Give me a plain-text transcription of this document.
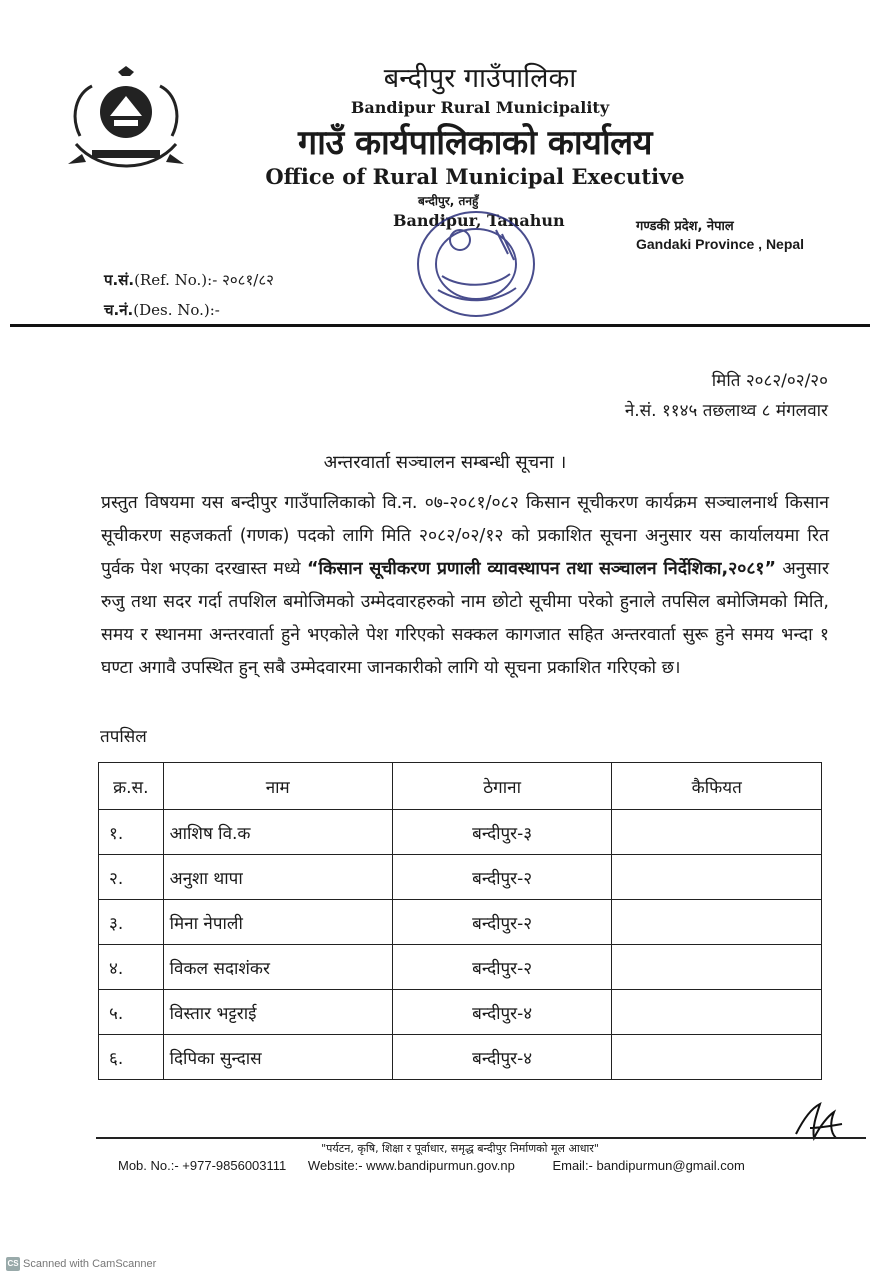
बन्दीपुर गाउँपालिका
Bandipur Rural Municipality
गाउँ कार्यपालिकाको कार्यालय
Office of Rural Municipal Executive
बन्दीपुर, तनहुँ
Bandipur, Tanahun	गण्डकी प्रदेश, नेपाल
Gandaki Province , Nepal
प.सं.(Ref. No.):- २०८१/८२
च.नं.(Des. No.):-
मिति २०८२/०२/२०
ने.सं. ११४५ तछलाथ्व ८ मंगलवार
अन्तरवार्ता सञ्चालन सम्बन्धी सूचना ।
प्रस्तुत विषयमा यस बन्दीपुर गाउँपालिकाको वि.न. ०७-२०८१/०८२ किसान सूचीकरण कार्यक्रम सञ्चालनार्थ किसान सूचीकरण सहजकर्ता (गणक) पदको लागि मिति २०८२/०२/१२ को प्रकाशित सूचना अनुसार यस कार्यालयमा रित पुर्वक पेश भएका दरखास्त मध्ये “किसान सूचीकरण प्रणाली व्यावस्थापन तथा सञ्चालन निर्देशिका,२०८१” अनुसार रुजु तथा सदर गर्दा तपशिल बमोजिमको उम्मेदवारहरुको नाम छोटो सूचीमा परेको हुनाले तपसिल बमोजिमको मिति, समय र स्थानमा अन्तरवार्ता हुने भएकोले पेश गरिएको सक्कल कागजात सहित अन्तरवार्ता सुरू हुने समय भन्दा १ घण्टा अगावै उपस्थित हुन् सबै उम्मेदवारमा जानकारीको लागि यो सूचना प्रकाशित गरिएको छ।
तपसिल
क्र.स.	नाम	ठेगाना	कैफियत
१.	आशिष वि.क	बन्दीपुर-३	
२.	अनुशा थापा	बन्दीपुर-२	
३.	मिना नेपाली	बन्दीपुर-२	
४.	विकल सदाशंकर	बन्दीपुर-२	
५.	विस्तार भट्टराई	बन्दीपुर-४	
६.	दिपिका सुन्दास	बन्दीपुर-४	
"पर्यटन, कृषि, शिक्षा र पूर्वाधार, समृद्ध बन्दीपुर निर्माणको मूल आधार"
Mob. No.:- +977-9856003111 Website:- www.bandipurmun.gov.np	Email:- bandipurmun@gmail.com
CS Scanned with CamScanner
